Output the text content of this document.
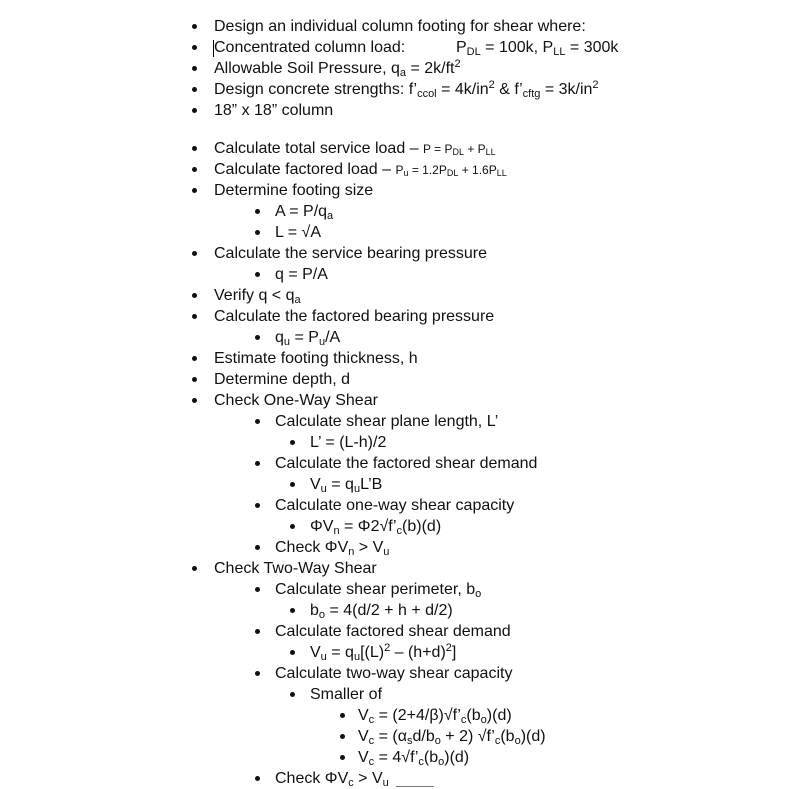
Design an individual column footing for shear where:
Concentrated column load:	PDL = 100k, PLL = 300k
Allowable Soil Pressure, qa = $2k/ft^2$
Design concrete strengths: f’ccol = $4k/in^2$ & f’cftg = $3k/in^2$
18” x 18” column
Calculate total service load – P = PDL + PLL
Calculate factored load – Pu = 1.2PDL + 1.6PLL
Determine footing size
A = P/qa
L = √A
Calculate the service bearing pressure
q = P/A
Verify q < qa
Calculate the factored bearing pressure
qu = Pu/A
Estimate footing thickness, h
Determine depth, d
Check One-Way Shear
Calculate shear plane length, L’
L’ = (L-h)/2
Calculate the factored shear demand
Vu = quL’B
Calculate one-way shear capacity
ΦVn = Φ2√f’c(b)(d)
Check ΦVn > Vu
Check Two-Way Shear
Calculate shear perimeter, bo
bo = 4(d/2 + h + d/2)
Calculate factored shear demand
$Vu = qu[(L)^2 - (h+d)^2]$
Calculate two-way shear capacity
Smaller of
Vc = (2+4/β)√f’c(bo)(d)
Vc = (αsd/bo + 2) √f’c(bo)(d)
Vc = 4√f’c(bo)(d)
Check ΦVc > Vu
